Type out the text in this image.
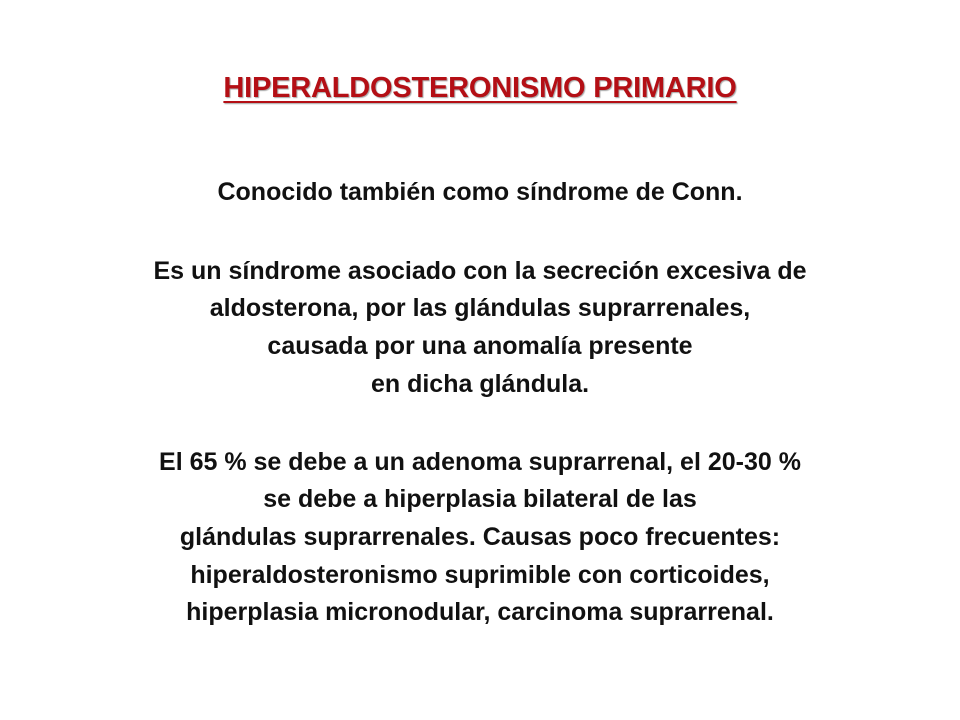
HIPERALDOSTERONISMO PRIMARIO

Conocido también como síndrome de Conn.

Es un síndrome asociado con la secreción excesiva de

aldosterona, por las glándulas suprarrenales,

causada por una anomalía presente

en dicha glándula.

El 65 % se debe a un adenoma suprarrenal, el 20-30 %

se debe a hiperplasia bilateral de las

glándulas suprarrenales. Causas poco frecuentes:

hiperaldosteronismo suprimible con corticoides,

hiperplasia micronodular, carcinoma suprarrenal.
